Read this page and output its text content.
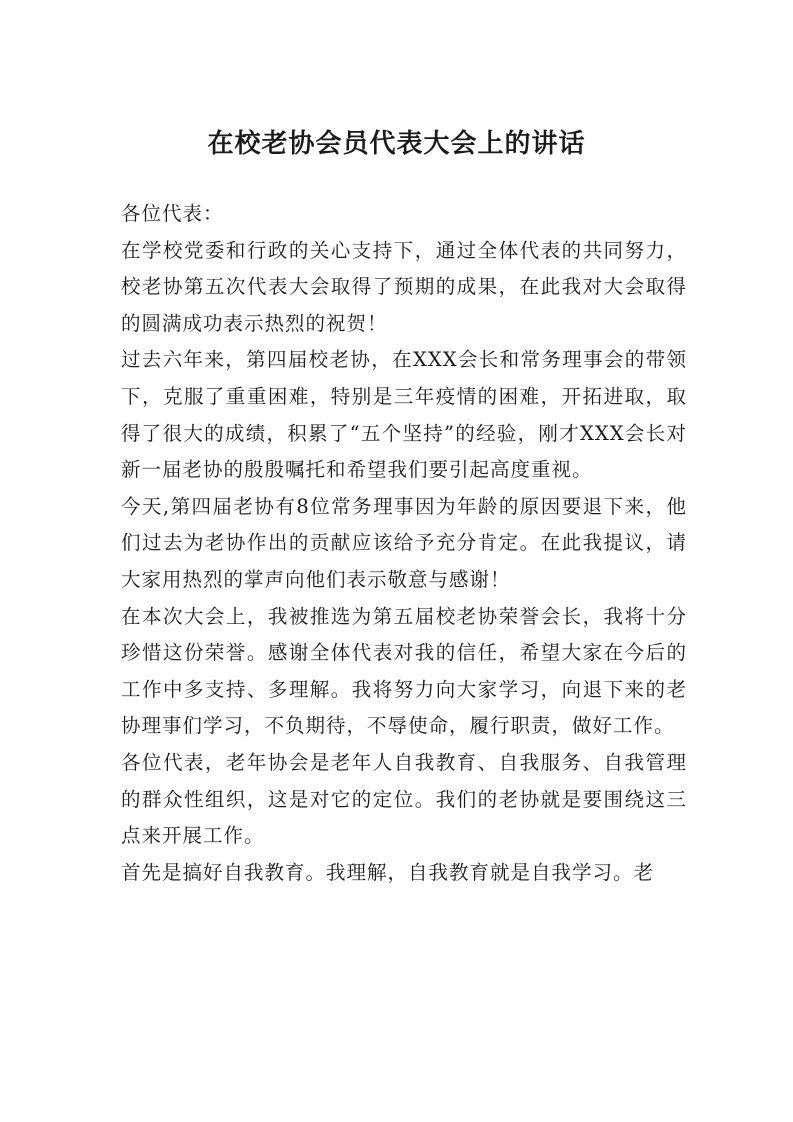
在校老协会员代表大会上的讲话

各位代表：

在学校党委和行政的关心支持下，通过全体代表的共同努力，校老协第五次代表大会取得了预期的成果，在此我对大会取得的圆满成功表示热烈的祝贺！

过去六年来，第四届校老协，在XXX会长和常务理事会的带领下，克服了重重困难，特别是三年疫情的困难，开拓进取，取得了很大的成绩，积累了“五个坚持”的经验，刚才XXX会长对新一届老协的殷殷嘱托和希望我们要引起高度重视。

今天,第四届老协有8位常务理事因为年龄的原因要退下来，他们过去为老协作出的贡献应该给予充分肯定。在此我提议，请大家用热烈的掌声向他们表示敬意与感谢！

在本次大会上，我被推选为第五届校老协荣誉会长，我将十分珍惜这份荣誉。感谢全体代表对我的信任，希望大家在今后的工作中多支持、多理解。我将努力向大家学习，向退下来的老协理事们学习，不负期待，不辱使命，履行职责，做好工作。

各位代表，老年协会是老年人自我教育、自我服务、自我管理的群众性组织，这是对它的定位。我们的老协就是要围绕这三点来开展工作。

首先是搞好自我教育。我理解，自我教育就是自我学习。老
